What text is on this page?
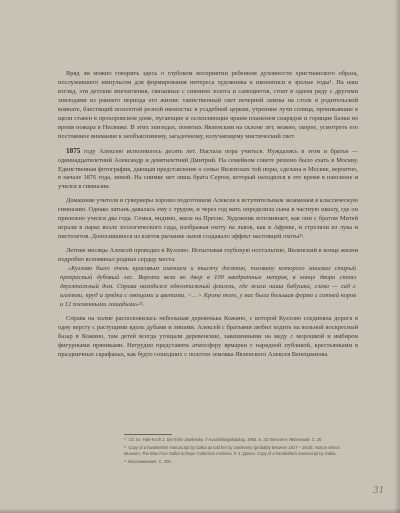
Вряд ли можно говорить здесь о глубоком восприятии ребенком духовности христианского образа, послужившего импульсом для формирования интереса художника к иконописи в зрелые годы¹. На наш взгляд, эти детские впечатления, связанные с сиянием золота и самоцветов, стоят в одном ряду с другими эпизодами из раннего периода его жизни: таинственный свет вечерней лампы на столе в родительской комнате, блестящий позолотой резной иконостас в усадебной церкви, утренние лучи солнца, проникавшие в щели ставен в прохоровском доме, пугающие и ослепляющие ярким пламенем снарядов и горящие балки во время пожара в Несвиже. В этих эпизодах, понятых Явленским на склоне лет, можно, скорее, усмотреть его постоянное внимание к необъяснимому, загадочному, излучающему мистический свет.

1875 году Алексею исполнилось десять лет. Настала пора учиться. Нуждались в этом и братья — одиннадцатилетний Александр и девятилетний Дмитрий. На семейном совете решено было ехать в Москву. Единственная фотография, дающая представление о семье Явленских той поры, сделана в Москве, вероятно, в начале 1876 года, зимой. На снимке нет лишь брата Сергея, который находился в это время в пансионе и учился в гимназии.

Домашние учителя и гувернеры хорошо подготовили Алексея к вступительным экзаменам в классическую гимназию. Однако латынь давалась ему с трудом, и через год мать определила сына в частную школу, где он прилежно учился два года. Семья, видимо, жила на Пресне. Художник вспоминает, как они с братом Митей играли в парке возле зоологического сада, изображая охоту на львов, как в Африке, и стреляли из лука и пистолетов. Доносившиеся из клеток рычание львов создавало эффект настоящей охоты²¹.

Летние месяцы Алексей проводил в Кузлово. Испытывая глубокую ностальгию, Явленский в конце жизни подробно вспоминал родные сердцу места:

«Кузлово было очень красивым имением и тысячу десятин, половину которого занимал старый прекрасный дубовый лес. Ворота вели во двор в 100 квадратных метров, в конце двора стоял двухэтажный дом. Справа находился одноэтажный флигель, где жила наша бабушка, слева — сад с аллеями, пруд и грядки с овощами и цветами. <…> Кроме того, у нас была большая ферма с сотней коров и 12 племенными лошадьми»²².

Справа на холме расположилась небольшая деревенька Кожино, с которой Кузлово соединяла дорога в одну версту с растущими вдоль дубами и липами. Алексей с братьями любил ходить на вольной воскресный базар в Кожино, там детей всегда угощали деревенские, завешенными на меду с морошкой и имбирем фигурными пряниками. Нетрудно представить атмосферу ярмарки с нарядной публикой, крестьянками в праздничных сарафанах, как будто сошедших с полотен земляка Явленского Алексея Венецианова.

$^{^{20}}$ Cit. по: Hart-Koch J. Die frühe Jawlensky. // Ausstellungskatalog. 1983. S. 23; Бельтинг. Явленский. С. 20.

$^{^{21}}$ Copy of a handwritten manuscript by Galka as told her by Jawlensky (probably between 1917 – 1918). Norton Simon Museum, The Blue Four Galka Scheyer Collection Archives. P. 1; Далее: Copy of a handwritten manuscript by Galka.

$^{^{22}}$ Воспоминания. С. 200.

31
